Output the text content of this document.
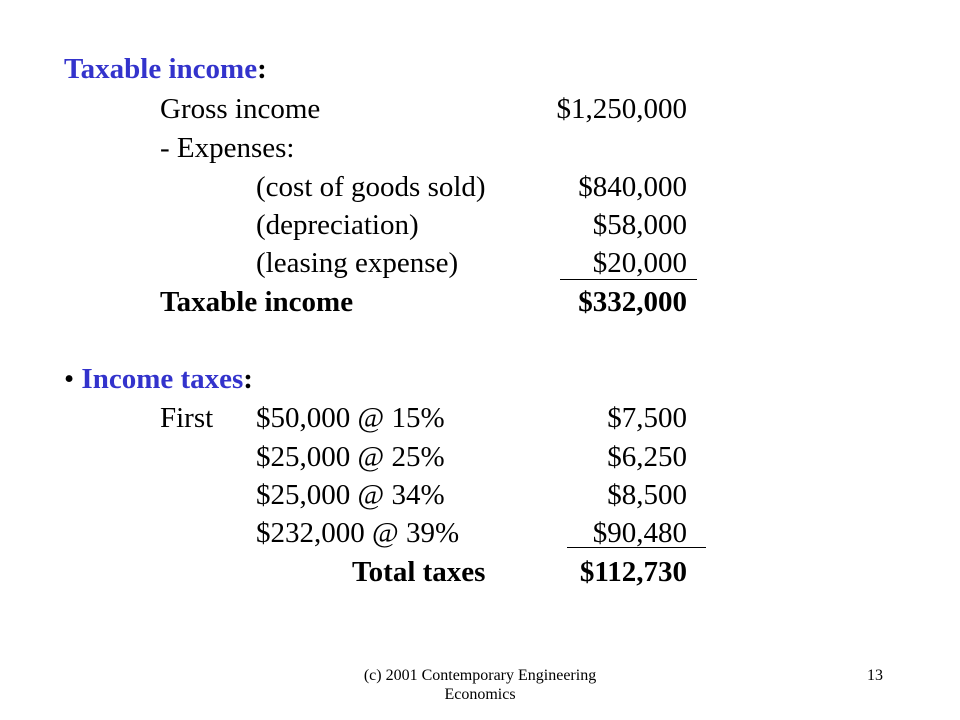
Taxable income:
Gross income	$1,250,000
- Expenses:
(cost of goods sold)	$840,000
(depreciation)	$58,000
(leasing expense)	$20,000
Taxable income	$332,000
• Income taxes:
First $50,000 @ 15%	$7,500
$25,000 @ 25%	$6,250
$25,000 @ 34%	$8,500
$232,000 @ 39%	$90,480
Total taxes	$112,730
(c) 2001 Contemporary Engineering
Economics
13
